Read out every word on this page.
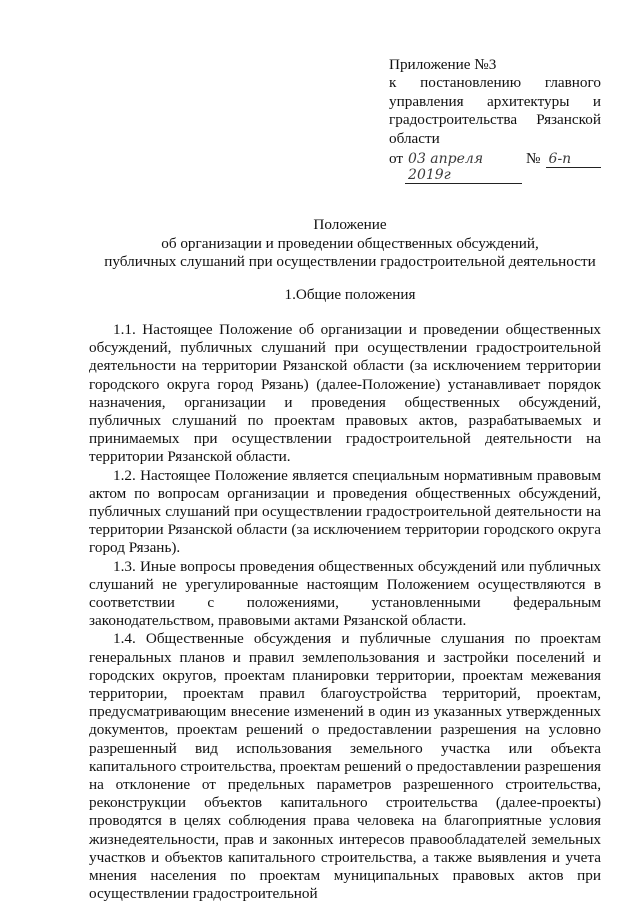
Приложение №3
к постановлению главного
управления архитектуры и
градостроительства Рязанской
области
от 03 апреля 2019г
№ 6-п
Положение
об организации и проведении общественных обсуждений,
публичных слушаний при осуществлении градостроительной деятельности
1.Общие положения

1.1. Настоящее Положение об организации и проведении общественных обсуждений, публичных слушаний при осуществлении градостроительной деятельности на территории Рязанской области (за исключением территории городского округа город Рязань) (далее-Положение) устанавливает порядок назначения, организации и проведения общественных обсуждений, публичных слушаний по проектам правовых актов, разрабатываемых и принимаемых при осуществлении градостроительной деятельности на территории Рязанской области.

1.2. Настоящее Положение является специальным нормативным правовым актом по вопросам организации и проведения общественных обсуждений, публичных слушаний при осуществлении градостроительной деятельности на территории Рязанской области (за исключением территории городского округа город Рязань).

1.3. Иные вопросы проведения общественных обсуждений или публичных слушаний не урегулированные настоящим Положением осуществляются в соответствии с положениями, установленными федеральным законодательством, правовыми актами Рязанской области.

1.4. Общественные обсуждения и публичные слушания по проектам генеральных планов и правил землепользования и застройки поселений и городских округов, проектам планировки территории, проектам межевания территории, проектам правил благоустройства территорий, проектам, предусматривающим внесение изменений в один из указанных утвержденных документов, проектам решений о предоставлении разрешения на условно разрешенный вид использования земельного участка или объекта капитального строительства, проектам решений о предоставлении разрешения на отклонение от предельных параметров разрешенного строительства, реконструкции объектов капитального строительства (далее-проекты) проводятся в целях соблюдения права человека на благоприятные условия жизнедеятельности, прав и законных интересов правообладателей земельных участков и объектов капитального строительства, а также выявления и учета мнения населения по проектам муниципальных правовых актов при осуществлении градостроительной
